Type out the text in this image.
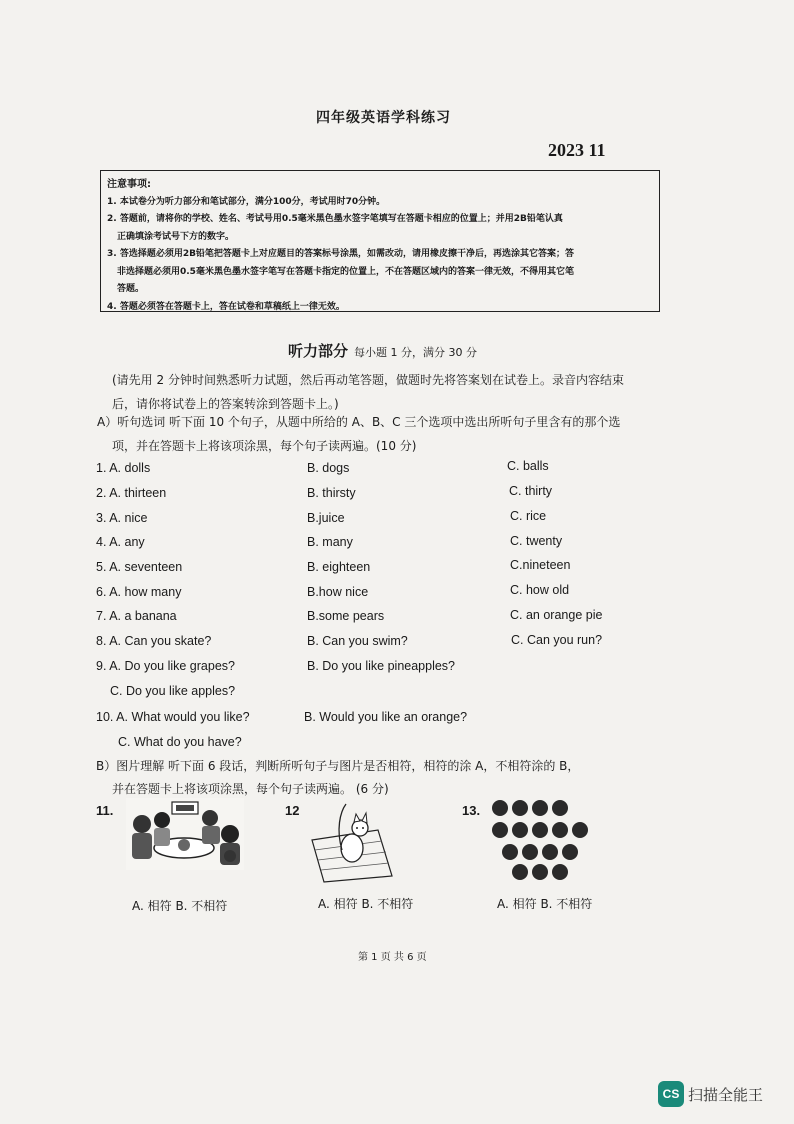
四年级英语学科练习
2023 11
注意事项:
1. 本试卷分为听力部分和笔试部分，满分100分，考试用时70分钟。
2. 答题前，请将你的学校、姓名、考试号用0.5毫米黑色墨水签字笔填写在答题卡相应的位置上；并用2B铅笔认真
正确填涂考试号下方的数字。
3. 答选择题必须用2B铅笔把答题卡上对应题目的答案标号涂黑，如需改动，请用橡皮擦干净后，再选涂其它答案；答
非选择题必须用0.5毫米黑色墨水签字笔写在答题卡指定的位置上，不在答题区域内的答案一律无效，不得用其它笔
答题。
4. 答题必须答在答题卡上，答在试卷和草稿纸上一律无效。
听力部分 每小题 1 分，满分 30 分
(请先用 2 分钟时间熟悉听力试题，然后再动笔答题，做题时先将答案划在试卷上。录音内容结束
后，请你将试卷上的答案转涂到答题卡上。)
A）听句选词 听下面 10 个句子，从题中所给的 A、B、C 三个选项中选出所听句子里含有的那个选
项，并在答题卡上将该项涂黑，每个句子读两遍。(10 分)
1. A. dolls	B. dogs	C. balls
2. A. thirteen	B. thirsty	C. thirty
3. A. nice	B.juice	C. rice
4. A. any	B. many	C. twenty
5. A. seventeen	B. eighteen	C.nineteen
6. A. how many	B.how nice	C. how old
7. A. a banana	B.some pears	C. an orange pie
8. A. Can you skate?	B. Can you swim?	C. Can you run?
9. A. Do you like grapes?	B. Do you like pineapples?
C. Do you like apples?
10. A. What would you like?	B. Would you like an orange?
C. What do you have?
B）图片理解 听下面 6 段话，判断所听句子与图片是否相符，相符的涂 A，不相符涂的 B，
并在答题卡上将该项涂黑，每个句子读两遍。 (6 分)
11.
A. 相符 B. 不相符
12
A. 相符 B. 不相符
13.
A. 相符 B. 不相符
第 1 页 共 6 页
CS 扫描全能王
